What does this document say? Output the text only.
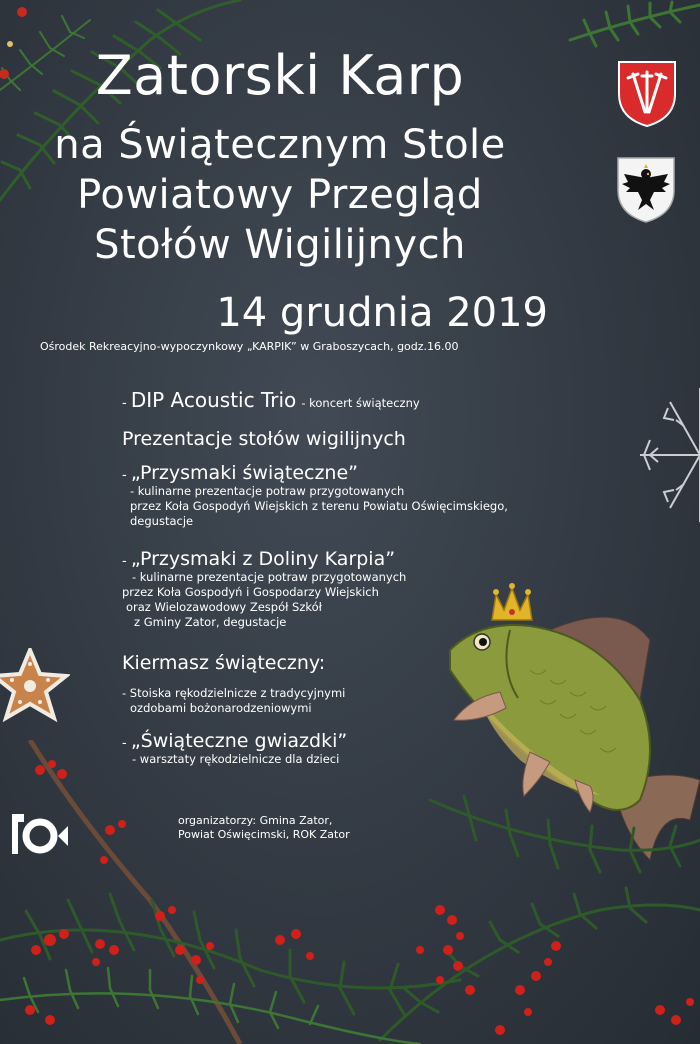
Zatorski Karp
na Świątecznym Stole
Powiatowy Przegląd
Stołów Wigilijnych
14 grudnia 2019
Ośrodek Rekreacyjno-wypoczynkowy „KARPIK” w Graboszycach, godz.16.00
- DIP Acoustic Trio - koncert świąteczny
Prezentacje stołów wigilijnych
- „Przysmaki świąteczne”
- kulinarne prezentacje potraw przygotowanych
przez Koła Gospodyń Wiejskich z terenu Powiatu Oświęcimskiego,
degustacje
- „Przysmaki z Doliny Karpia”
- kulinarne prezentacje potraw przygotowanych
przez Koła Gospodyń i Gospodarzy Wiejskich
oraz Wielozawodowy Zespół Szkół
z Gminy Zator, degustacje
Kiermasz świąteczny:
- Stoiska rękodzielnicze z tradycyjnymi
ozdobami bożonarodzeniowymi
- „Świąteczne gwiazdki”
- warsztaty rękodzielnicze dla dzieci
organizatorzy: Gmina Zator,
Powiat Oświęcimski, ROK Zator
